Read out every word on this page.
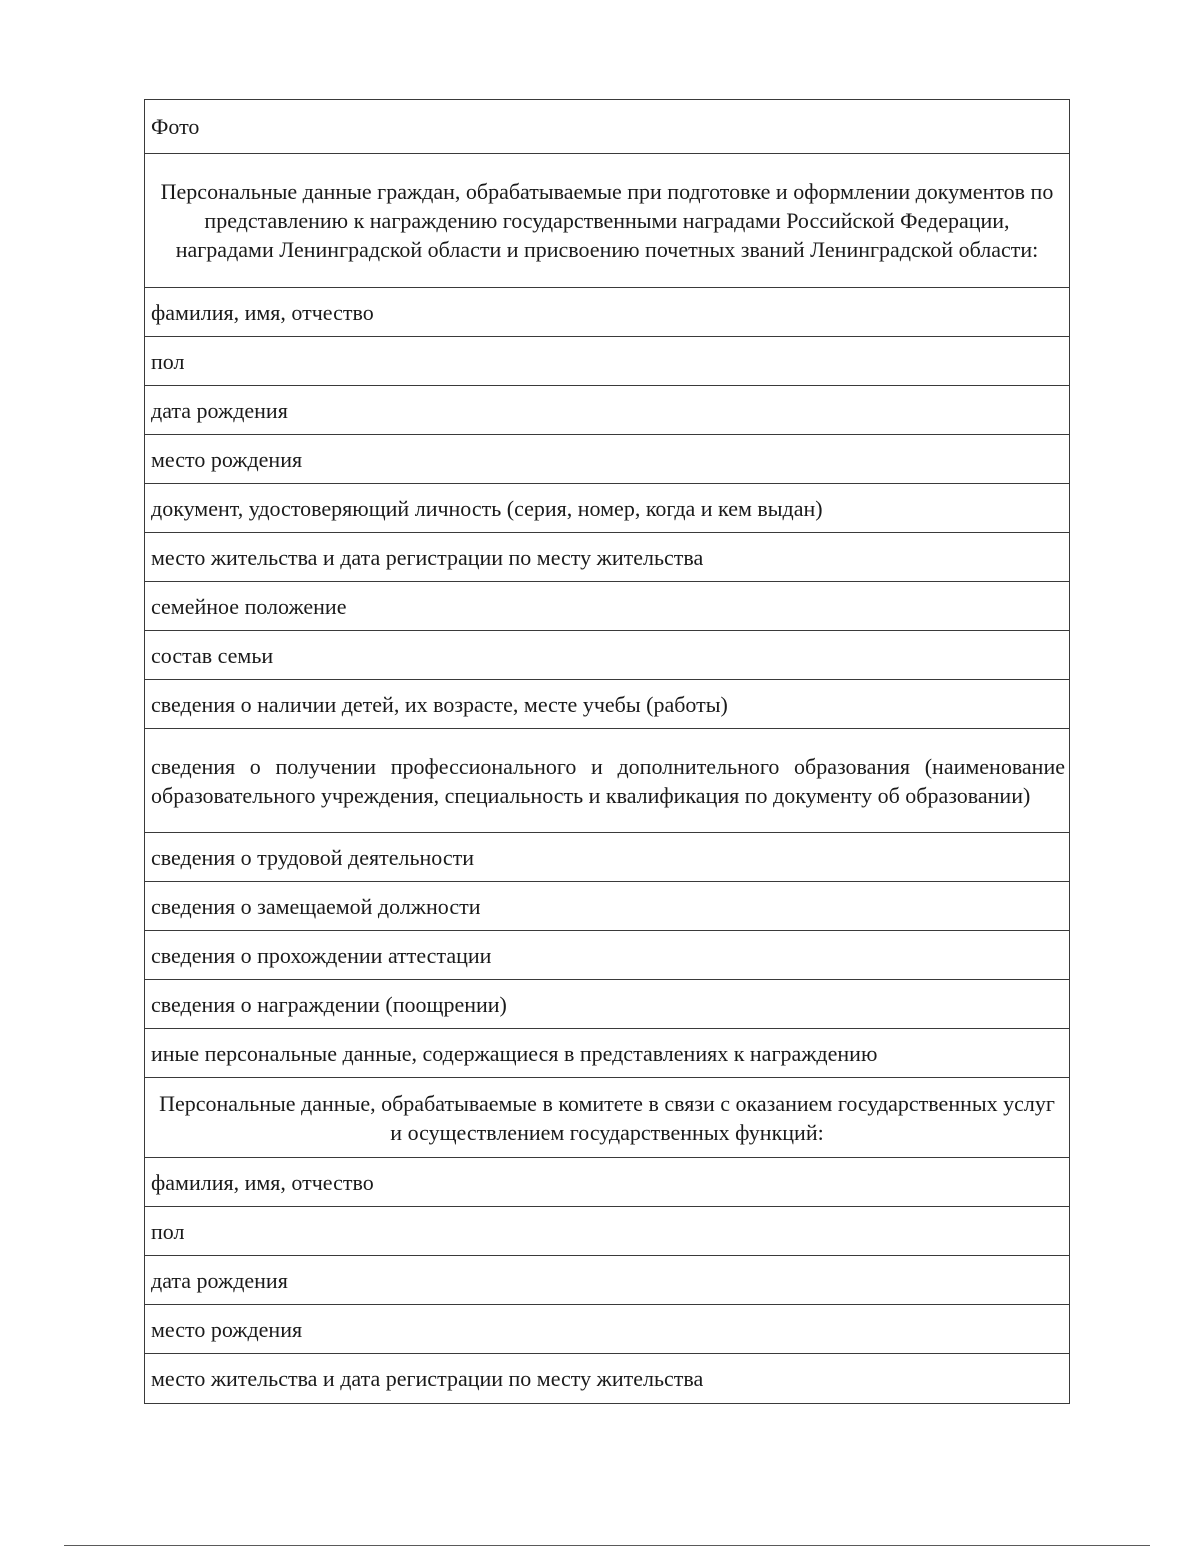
Фото
Персональные данные граждан, обрабатываемые при подготовке и оформлении документов по представлению к награждению государственными наградами Российской Федерации, наградами Ленинградской области и присвоению почетных званий Ленинградской области:
фамилия, имя, отчество
пол
дата рождения
место рождения
документ, удостоверяющий личность (серия, номер, когда и кем выдан)
место жительства и дата регистрации по месту жительства
семейное положение
состав семьи
сведения о наличии детей, их возрасте, месте учебы (работы)
сведения о получении профессионального и дополнительного образования (наименование образовательного учреждения, специальность и квалификация по документу об образовании)
сведения о трудовой деятельности
сведения о замещаемой должности
сведения о прохождении аттестации
сведения о награждении (поощрении)
иные персональные данные, содержащиеся в представлениях к награждению
Персональные данные, обрабатываемые в комитете в связи с оказанием государственных услуг и осуществлением государственных функций:
фамилия, имя, отчество
пол
дата рождения
место рождения
место жительства и дата регистрации по месту жительства
